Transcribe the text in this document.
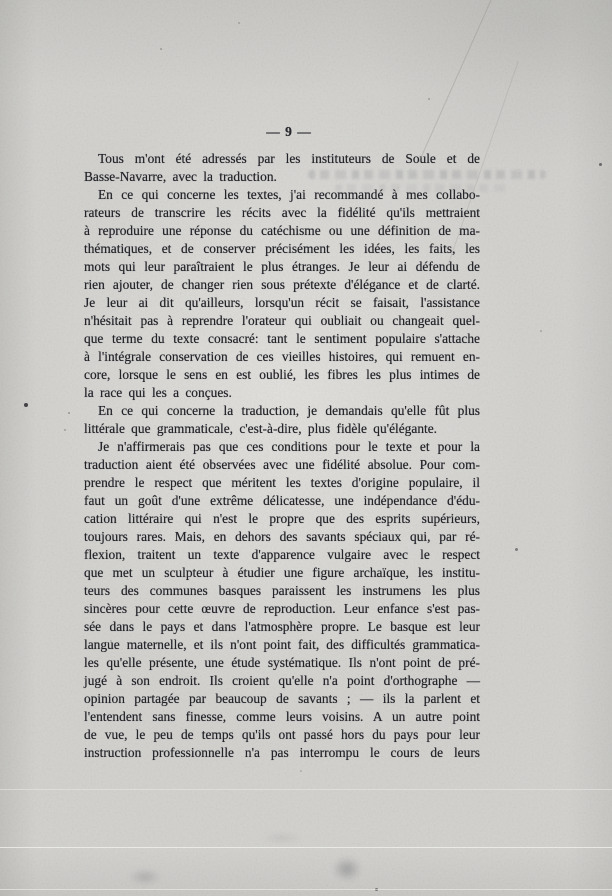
— 9 —
Tous m'ont été adressés par les instituteurs de Soule et de
Basse-Navarre, avec la traduction.
En ce qui concerne les textes, j'ai recommandé à mes collabo-
rateurs de transcrire les récits avec la fidélité qu'ils mettraient
à reproduire une réponse du catéchisme ou une définition de ma-
thématiques, et de conserver précisément les idées, les faits, les
mots qui leur paraîtraient le plus étranges. Je leur ai défendu de
rien ajouter, de changer rien sous prétexte d'élégance et de clarté.
Je leur ai dit qu'ailleurs, lorsqu'un récit se faisait, l'assistance
n'hésitait pas à reprendre l'orateur qui oubliait ou changeait quel-
que terme du texte consacré: tant le sentiment populaire s'attache
à l'intégrale conservation de ces vieilles histoires, qui remuent en-
core, lorsque le sens en est oublié, les fibres les plus intimes de
la race qui les a conçues.
En ce qui concerne la traduction, je demandais qu'elle fût plus
littérale que grammaticale, c'est-à-dire, plus fidèle qu'élégante.
Je n'affirmerais pas que ces conditions pour le texte et pour la
traduction aient été observées avec une fidélité absolue. Pour com-
prendre le respect que méritent les textes d'origine populaire, il
faut un goût d'une extrême délicatesse, une indépendance d'édu-
cation littéraire qui n'est le propre que des esprits supérieurs,
toujours rares. Mais, en dehors des savants spéciaux qui, par ré-
flexion, traitent un texte d'apparence vulgaire avec le respect
que met un sculpteur à étudier une figure archaïque, les institu-
teurs des communes basques paraissent les instrumens les plus
sincères pour cette œuvre de reproduction. Leur enfance s'est pas-
sée dans le pays et dans l'atmosphère propre. Le basque est leur
langue maternelle, et ils n'ont point fait, des difficultés grammatica-
les qu'elle présente, une étude systématique. Ils n'ont point de pré-
jugé à son endroit. Ils croient qu'elle n'a point d'orthographe —
opinion partagée par beaucoup de savants ; — ils la parlent et
l'entendent sans finesse, comme leurs voisins. A un autre point
de vue, le peu de temps qu'ils ont passé hors du pays pour leur
instruction professionnelle n'a pas interrompu le cours de leurs
